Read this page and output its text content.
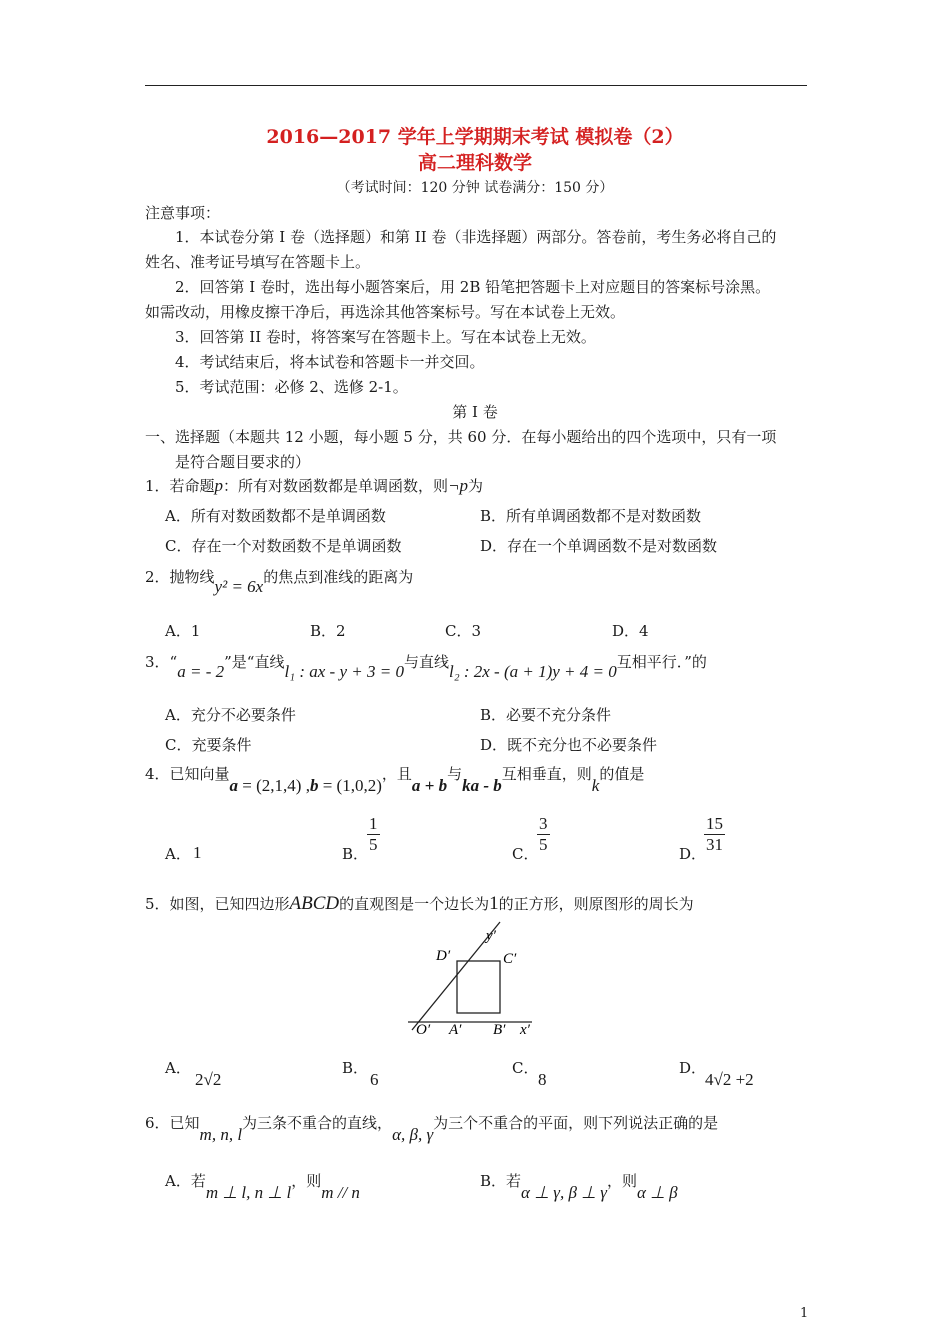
2016—2017 学年上学期期末考试 模拟卷（2）
高二理科数学
（考试时间：120 分钟 试卷满分：150 分）
注意事项：
1．本试卷分第 I 卷（选择题）和第 II 卷（非选择题）两部分。答卷前，考生务必将自己的
姓名、准考证号填写在答题卡上。
2．回答第 I 卷时，选出每小题答案后，用 2B 铅笔把答题卡上对应题目的答案标号涂黑。
如需改动，用橡皮擦干净后，再选涂其他答案标号。写在本试卷上无效。
3．回答第 II 卷时，将答案写在答题卡上。写在本试卷上无效。
4．考试结束后，将本试卷和答题卡一并交回。
5．考试范围：必修 2、选修 2-1。
第 I 卷
一、选择题（本题共 12 小题，每小题 5 分，共 60 分．在每小题给出的四个选项中，只有一项
是符合题目要求的）
1．若命题p：所有对数函数都是单调函数，则¬p为
A．所有对数函数都不是单调函数	B．所有单调函数都不是对数函数
C．存在一个对数函数不是单调函数	D．存在一个单调函数不是对数函数
2．抛物线y² = 6x的焦点到准线的距离为
A．1	B．2	C．3	D．4
3．“a = - 2”是“直线l₁ : ax - y + 3 = 0与直线l₂ : 2x - (a + 1)y + 4 = 0互相平行．”的
A．充分不必要条件	B．必要不充分条件
C．充要条件	D．既不充分也不必要条件
4．已知向量a = (2,1,4) ,b = (1,0,2)，且a + b与ka - b互相垂直，则k的值是
A． 1	B．
$\frac{1}{5}$	C．
$\frac{3}{5}$	D．
$\frac{15}{31}$
5．如图，已知四边形ABCD的直观图是一个边长为1的正方形，则原图形的周长为
D′	C′
y′
O′ A′ B′ x′
A．
2√2
B．
6
C．
8
D．
4√2 +2
6．已知m, n, l为三条不重合的直线，α, β, γ为三个不重合的平面，则下列说法正确的是
A．若m ⊥ l, n ⊥ l，则m // n
B．若α ⊥ γ, β ⊥ γ，则α ⊥ β
1
